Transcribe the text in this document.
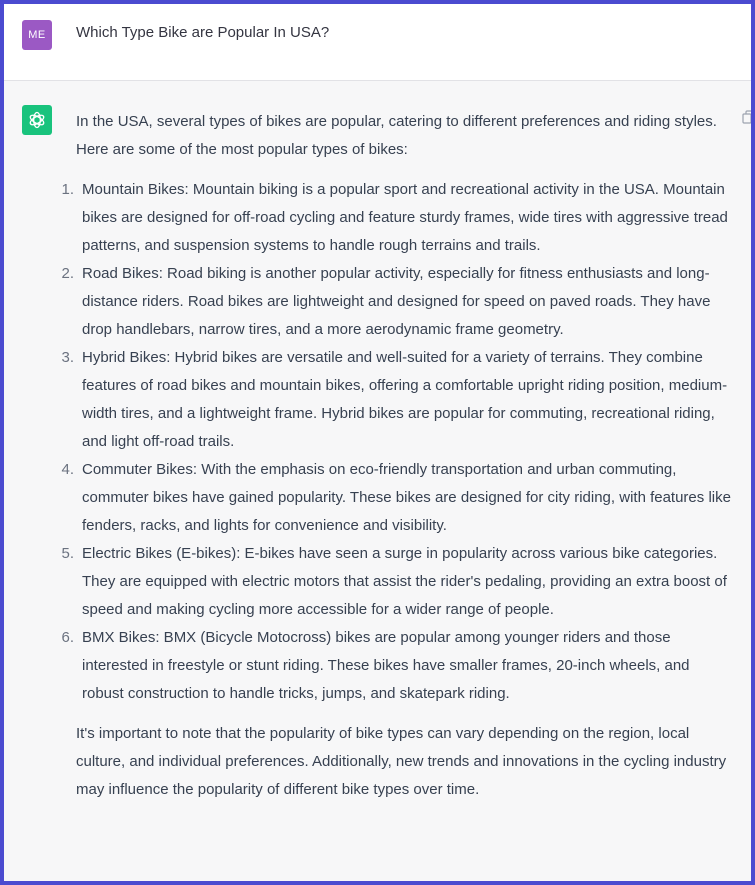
ME	Which Type Bike are Popular In USA?

In the USA, several types of bikes are popular, catering to different preferences and riding styles. Here are some of the most popular types of bikes:

1. Mountain Bikes: Mountain biking is a popular sport and recreational activity in the USA. Mountain bikes are designed for off-road cycling and feature sturdy frames, wide tires with aggressive tread patterns, and suspension systems to handle rough terrains and trails.
2. Road Bikes: Road biking is another popular activity, especially for fitness enthusiasts and long-distance riders. Road bikes are lightweight and designed for speed on paved roads. They have drop handlebars, narrow tires, and a more aerodynamic frame geometry.
3. Hybrid Bikes: Hybrid bikes are versatile and well-suited for a variety of terrains. They combine features of road bikes and mountain bikes, offering a comfortable upright riding position, medium-width tires, and a lightweight frame. Hybrid bikes are popular for commuting, recreational riding, and light off-road trails.
4. Commuter Bikes: With the emphasis on eco-friendly transportation and urban commuting, commuter bikes have gained popularity. These bikes are designed for city riding, with features like fenders, racks, and lights for convenience and visibility.
5. Electric Bikes (E-bikes): E-bikes have seen a surge in popularity across various bike categories. They are equipped with electric motors that assist the rider's pedaling, providing an extra boost of speed and making cycling more accessible for a wider range of people.
6. BMX Bikes: BMX (Bicycle Motocross) bikes are popular among younger riders and those interested in freestyle or stunt riding. These bikes have smaller frames, 20-inch wheels, and robust construction to handle tricks, jumps, and skatepark riding.

It's important to note that the popularity of bike types can vary depending on the region, local culture, and individual preferences. Additionally, new trends and innovations in the cycling industry may influence the popularity of different bike types over time.
